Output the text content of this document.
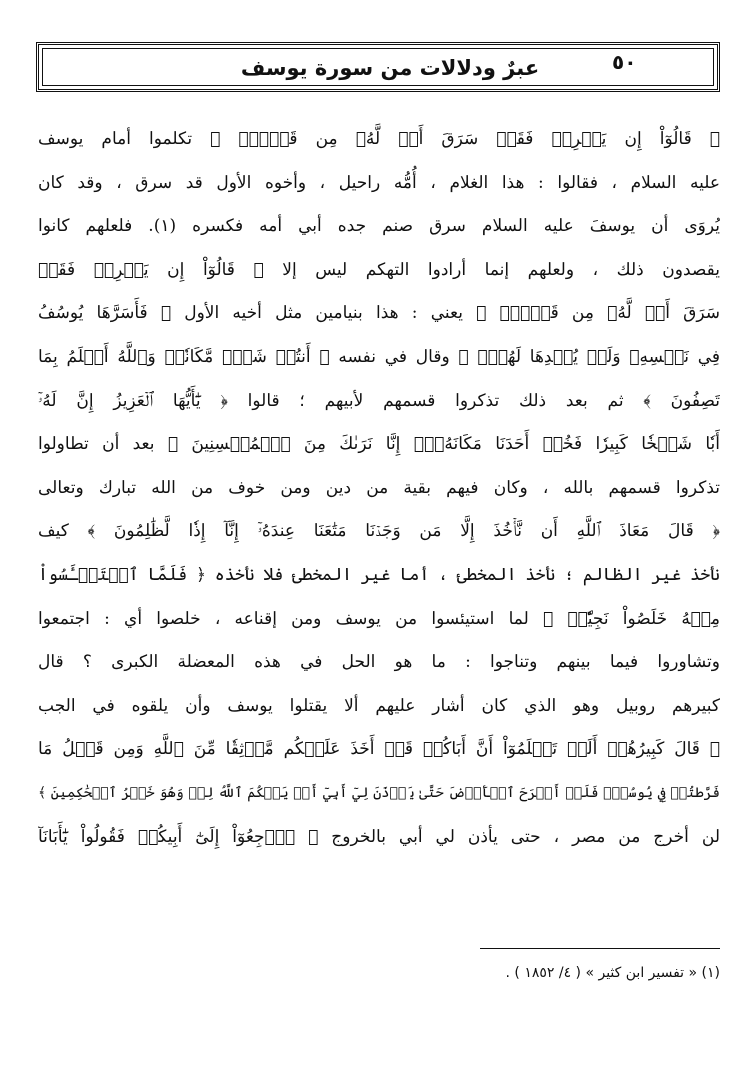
٥٠
عبرٌ ودلالات من سورة يوسف
﴿ قَالُوٓاْ إِن يَسۡرِقۡ فَقَدۡ سَرَقَ أَخٞ لَّهُۥ مِن قَبۡلُۚ ﴾ تكلموا أمام يوسف
عليه السلام ، فقالوا : هذا الغلام ، أُمُّه راحيل ، وأخوه الأول قد سرق ، وقد كان
يُروَى أن يوسفَ عليه السلام سرق صنم جده أبي أمه فكسره (١). فلعلهم كانوا
يقصدون ذلك ، ولعلهم إنما أرادوا التهكم ليس إلا ﴿ قَالُوٓاْ إِن يَسۡرِقۡ فَقَدۡ
سَرَقَ أَخٞ لَّهُۥ مِن قَبۡلُۚ ﴾ يعني : هذا بنيامين مثل أخيه الأول ﴿ فَأَسَرَّهَا يُوسُفُ
فِي نَفۡسِهِۦ وَلَمۡ يُبۡدِهَا لَهُمۡۚ ﴾ وقال في نفسه ﴿ أَنتُمۡ شَرّٞ مَّكَانٗاۖ وَٱللَّهُ أَعۡلَمُ بِمَا
تَصِفُونَ ﴾ ثم بعد ذلك تذكروا قسمهم لأبيهم ؛ قالوا ﴿ يَٰٓأَيُّهَا ٱلۡعَزِيزُ إِنَّ لَهُۥٓ
أَبٗا شَيۡخٗا كَبِيرٗا فَخُذۡ أَحَدَنَا مَكَانَهُۥٓۖ إِنَّا نَرَىٰكَ مِنَ ٱلۡمُحۡسِنِينَ ﴾ بعد أن تطاولوا
تذكروا قسمهم بالله ، وكان فيهم بقية من دين ومن خوف من الله تبارك وتعالى
﴿ قَالَ مَعَاذَ ٱللَّهِ أَن نَّأۡخُذَ إِلَّا مَن وَجَدۡنَا مَتَٰعَنَا عِندَهُۥٓ إِنَّآ إِذٗا لَّظَٰلِمُونَ ﴾ كيف
نأخذ غير الظالم ؛ نأخذ المخطئ ، أما غير المخطئ فلا نأخذه ﴿ فَلَمَّا ٱسۡتَيۡـَٔسُواْ
مِنۡهُ خَلَصُواْ نَجِيّٗاۖ ﴾ لما استيئسوا من يوسف ومن إقناعه ، خلصوا أي : اجتمعوا
وتشاوروا فيما بينهم وتناجوا : ما هو الحل في هذه المعضلة الكبرى ؟ قال
كبيرهم روبيل وهو الذي كان أشار عليهم ألا يقتلوا يوسف وأن يلقوه في الجب
﴿ قَالَ كَبِيرُهُمۡ أَلَمۡ تَعۡلَمُوٓاْ أَنَّ أَبَاكُمۡ قَدۡ أَخَذَ عَلَيۡكُم مَّوۡثِقٗا مِّنَ ٱللَّهِ وَمِن قَبۡلُ مَا
فَرَّطتُمۡ فِي يُوسُفَۖ فَلَنۡ أَبۡرَحَ ٱلۡأَرۡضَ حَتَّىٰ يَأۡذَنَ لِيٓ أَبِيٓ أَوۡ يَحۡكُمَ ٱللَّهُ لِيۖ وَهُوَ خَيۡرُ ٱلۡحَٰكِمِينَ ﴾
لن أخرج من مصر ، حتى يأذن لي أبي بالخروج ﴿ ٱرۡجِعُوٓاْ إِلَىٰٓ أَبِيكُمۡ فَقُولُواْ يَٰٓأَبَانَآ
(١) « تفسير ابن كثير » ( ٤/ ١٨٥٢ ) .
